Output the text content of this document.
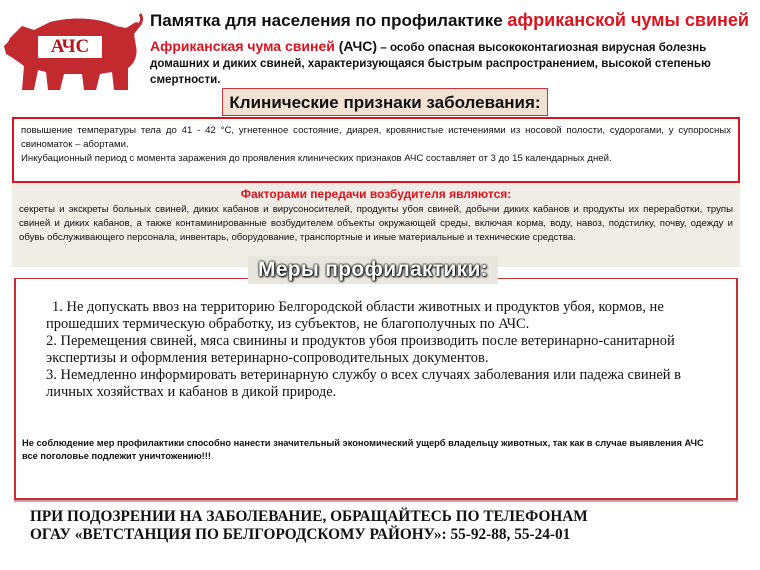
АЧС
Памятка для населения по профилактике африканской чумы свиней
Африканская чума свиней (АЧС) – особо опасная высококонтагиозная вирусная болезнь домашних и диких свиней, характеризующаяся быстрым распространением, высокой степенью смертности.
Клинические признаки заболевания:

повышение температуры тела до 41 - 42 °С, угнетенное состояние, диарея, кровянистые истечениями из носовой полости, судорогами, у супоросных свиноматок – абортами.

Инкубационный период с момента заражения до проявления клинических признаков АЧС составляет от 3 до 15 календарных дней.

Факторами передачи возбудителя являются:

секреты и экскреты больных свиней, диких кабанов и вирусоносителей, продукты убоя свиней, добычи диких кабанов и продукты их переработки, трупы свиней и диких кабанов, а также контаминированные возбудителем объекты окружающей среды, включая корма, воду, навоз, подстилку, почву, одежду и обувь обслуживающего персонала, инвентарь, оборудование, транспортные и иные материальные и технические средства.

1. Не допускать ввоз на территорию Белгородской области животных и продуктов убоя, кормов, не прошедших термическую обработку, из субъектов, не благополучных по АЧС.

2. Перемещения свиней, мяса свинины и продуктов убоя производить после ветеринарно-санитарной экспертизы и оформления ветеринарно-сопроводительных документов.

3. Немедленно информировать ветеринарную службу о всех случаях заболевания или падежа свиней в личных хозяйствах и кабанов в дикой природе.

Не соблюдение мер профилактики способно нанести значительный экономический ущерб владельцу животных, так как в случае выявления АЧС все поголовье подлежит уничтожению!!!
Меры профилактики:
ПРИ ПОДОЗРЕНИИ НА ЗАБОЛЕВАНИЕ, ОБРАЩАЙТЕСЬ ПО ТЕЛЕФОНАМ
ОГАУ «ВЕТСТАНЦИЯ ПО БЕЛГОРОДСКОМУ РАЙОНУ»: 55-92-88, 55-24-01
